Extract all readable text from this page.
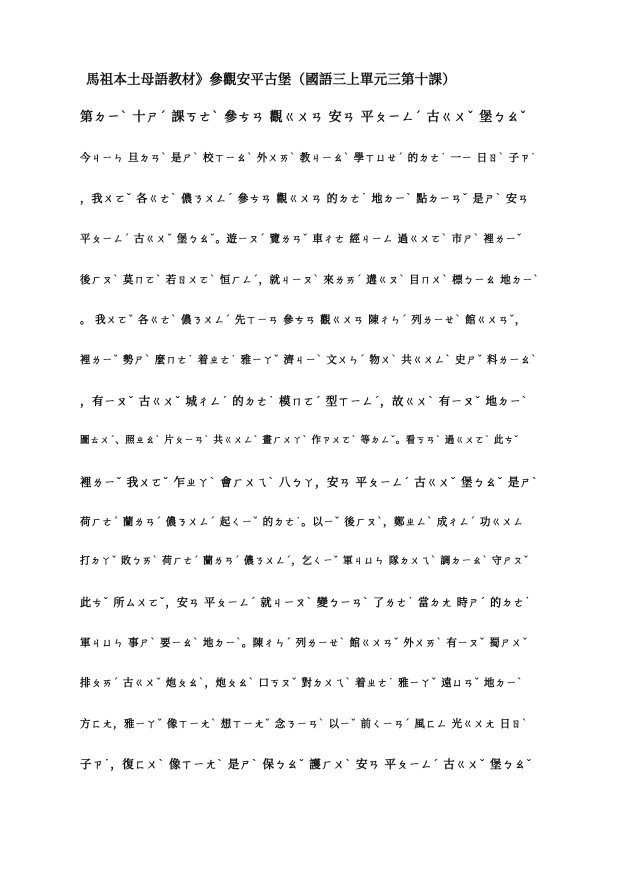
馬祖本土母語教材》參觀安平古堡（國語三上單元三第十課）
第ㄉㄧˋ 十ㄕˊ 課ㄎㄜˋ 參ㄘㄢ 觀ㄍㄨㄢ 安ㄢ 平ㄆㄧㄥˊ 古ㄍㄨˇ 堡ㄅㄠˇ
今ㄐㄧㄣ 旦ㄉㄢˋ 是ㄕˋ 校ㄒㄧㄠˋ 外ㄨㄞˋ 教ㄐㄧㄠˋ 學ㄒㄩㄝˊ 的ㄉㄜ˙ 一ㄧ 日ㄖˋ 子ㄗ˙
，我ㄨㄛˇ 各ㄍㄜˋ 儂ㄋㄨㄥˊ 參ㄘㄢ 觀ㄍㄨㄢ 的ㄉㄜ˙ 地ㄉㄧˋ 點ㄉㄧㄢˇ 是ㄕˋ 安ㄢ
平ㄆㄧㄥˊ 古ㄍㄨˇ 堡ㄅㄠˇ。遊ㄧㄡˊ 覽ㄌㄢˇ 車ㄔㄜ 經ㄐㄧㄥ 過ㄍㄨㄛˋ 市ㄕˋ 裡ㄌㄧˇ
後ㄏㄡˋ 莫ㄇㄛˋ 若ㄖㄨㄛˋ 恒ㄏㄥˊ，就ㄐㄧㄡˋ 來ㄌㄞˊ 遘ㄍㄡˋ 目ㄇㄨˋ 標ㄅㄧㄠ 地ㄉㄧˋ
。 我ㄨㄛˇ 各ㄍㄜˋ 儂ㄋㄨㄥˊ 先ㄒㄧㄢ 參ㄘㄢ 觀ㄍㄨㄢ 陳ㄔㄣˊ 列ㄌㄧㄝˋ 館ㄍㄨㄢˇ，
裡ㄌㄧˇ 勢ㄕˋ 麼ㄇㄜ˙ 着ㄓㄜ˙ 雅ㄧㄚˇ 濟ㄐㄧˋ 文ㄨㄣˊ 物ㄨˋ 共ㄍㄨㄥˋ 史ㄕˇ 料ㄌㄧㄠˋ
，有ㄧㄡˇ 古ㄍㄨˇ 城ㄔㄥˊ 的ㄉㄜ˙ 模ㄇㄛˊ 型ㄒㄧㄥˊ，故ㄍㄨˋ 有ㄧㄡˇ 地ㄉㄧˋ
圖ㄊㄨˊ、照ㄓㄠˋ 片ㄆㄧㄢˋ 共ㄍㄨㄥˋ 畫ㄏㄨㄚˋ 作ㄗㄨㄛˋ 等ㄉㄥˇ。看ㄎㄢˋ 過ㄍㄨㄛˋ 此ㄘˇ
裡ㄌㄧˇ 我ㄨㄛˇ 乍ㄓㄚˋ 會ㄏㄨㄟˋ 八ㄅㄚ，安ㄢ 平ㄆㄧㄥˊ 古ㄍㄨˇ 堡ㄅㄠˇ 是ㄕˋ
荷ㄏㄜˊ 蘭ㄌㄢˊ 儂ㄋㄨㄥˊ 起ㄑㄧˇ 的ㄉㄜ˙。以ㄧˇ 後ㄏㄡˋ，鄭ㄓㄥˋ 成ㄔㄥˊ 功ㄍㄨㄥ
打ㄉㄚˇ 敗ㄅㄞˋ 荷ㄏㄜˊ 蘭ㄌㄢˊ 儂ㄋㄨㄥˊ，乞ㄑㄧˇ 軍ㄐㄩㄣ 隊ㄉㄨㄟˋ 調ㄉㄧㄠˋ 守ㄕㄡˇ
此ㄘˇ 所ㄙㄨㄛˇ，安ㄢ 平ㄆㄧㄥˊ 就ㄐㄧㄡˋ 變ㄅㄧㄢˋ 了ㄌㄜ˙ 當ㄉㄤ 時ㄕˊ 的ㄉㄜ˙
軍ㄐㄩㄣ 事ㄕˋ 要ㄧㄠˋ 地ㄉㄧˋ。陳ㄔㄣˊ 列ㄌㄧㄝˋ 館ㄍㄨㄢˇ 外ㄨㄞˋ 有ㄧㄡˇ 蜀ㄕㄨˇ
排ㄆㄞˊ 古ㄍㄨˇ 炮ㄆㄠˋ，炮ㄆㄠˋ 口ㄎㄡˇ 對ㄉㄨㄟˋ 着ㄓㄜ˙ 雅ㄧㄚˇ 遠ㄩㄢˇ 地ㄉㄧˋ
方ㄈㄤ，雅ㄧㄚˇ 像ㄒㄧㄤˋ 想ㄒㄧㄤˇ 念ㄋㄧㄢˋ 以ㄧˇ 前ㄑㄧㄢˊ 風ㄈㄥ 光ㄍㄨㄤ 日ㄖˋ
子ㄗ˙，復ㄈㄨˋ 像ㄒㄧㄤˋ 是ㄕˋ 保ㄅㄠˇ 護ㄏㄨˋ 安ㄢ 平ㄆㄧㄥˊ 古ㄍㄨˇ 堡ㄅㄠˇ
